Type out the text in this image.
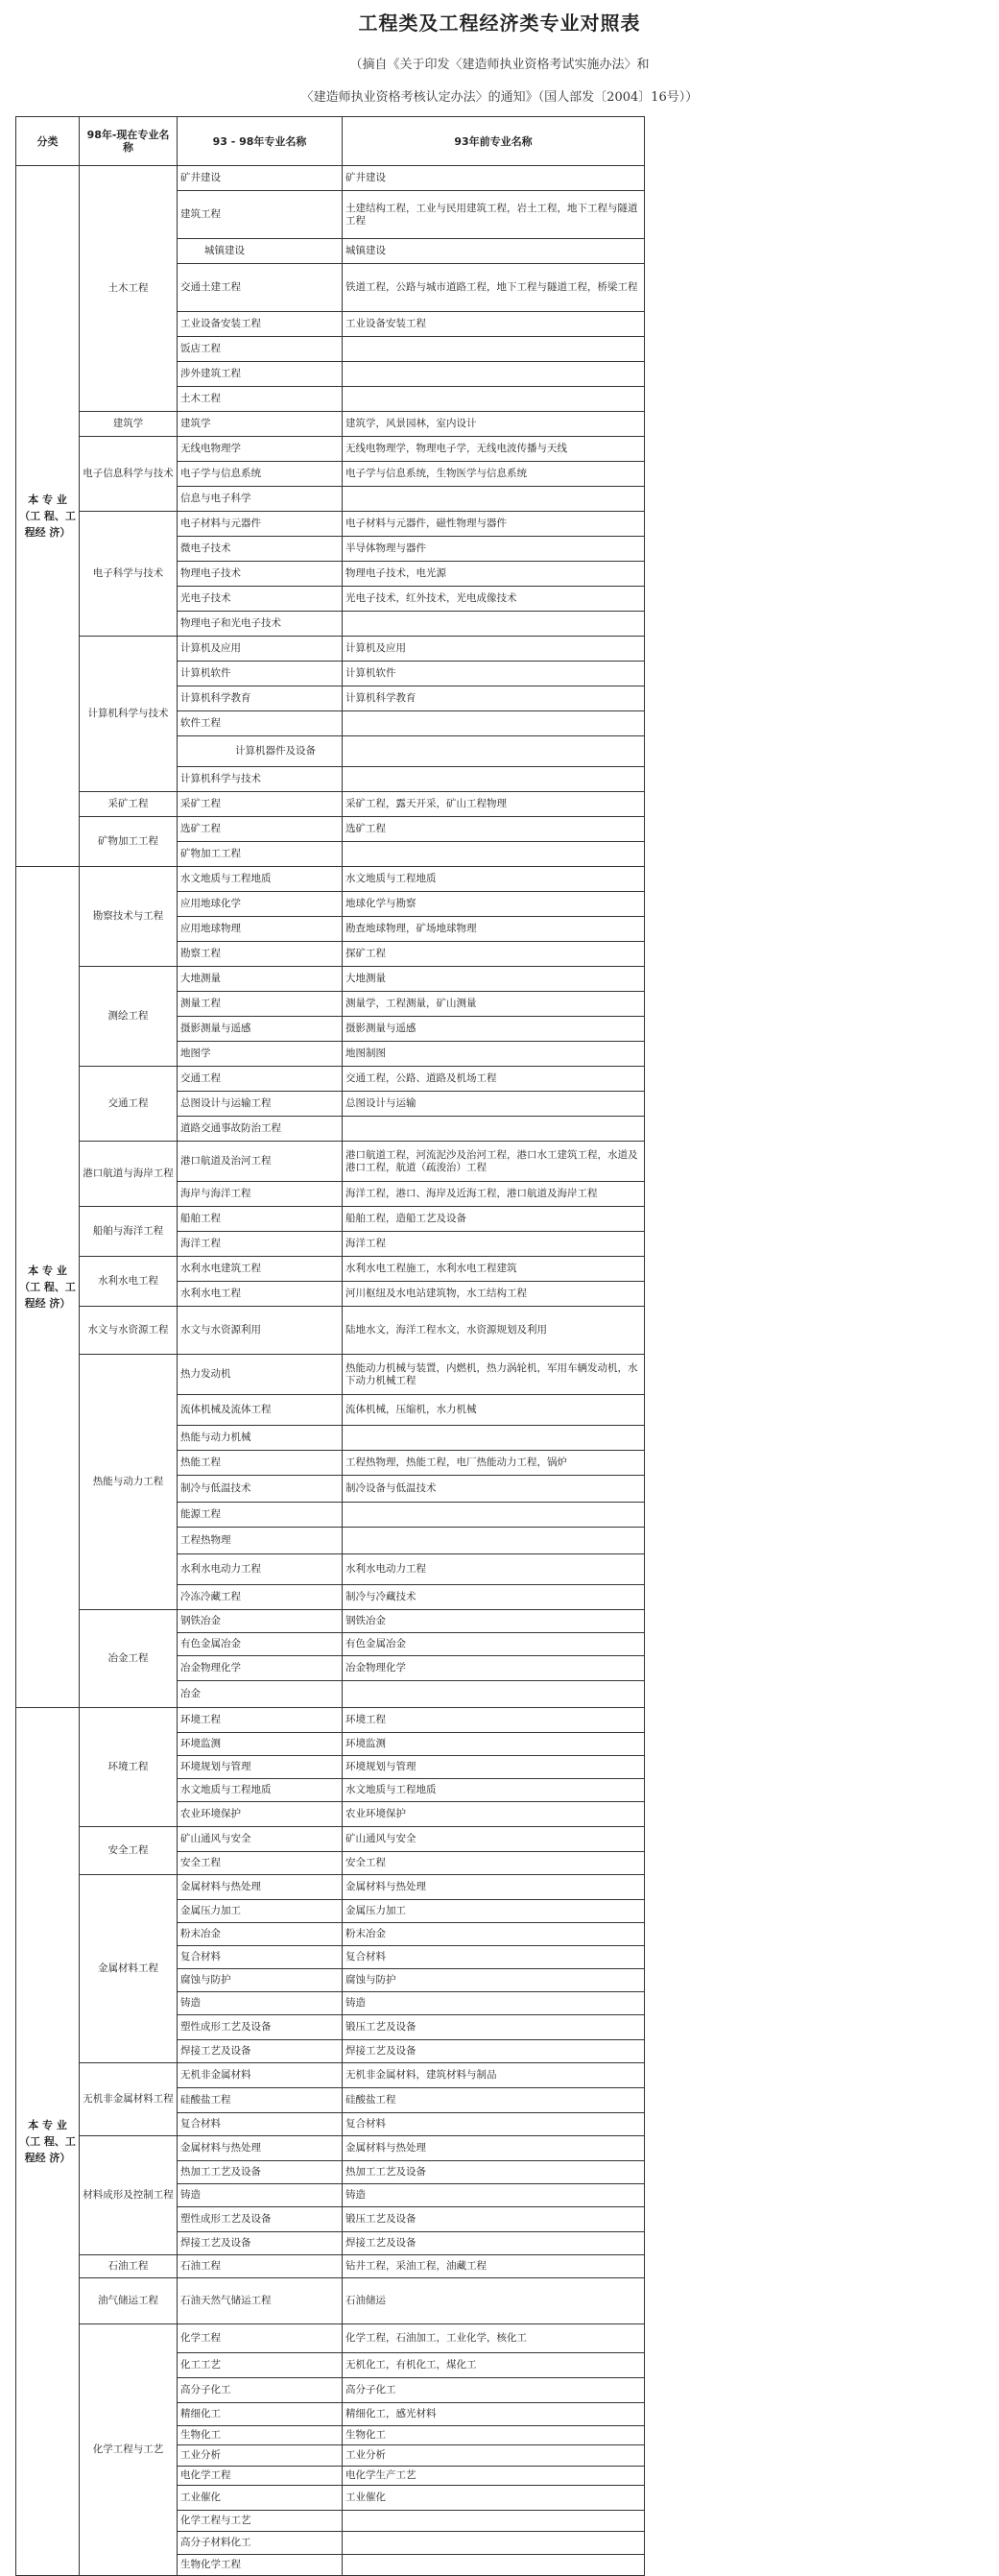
工程类及工程经济类专业对照表
（摘自《关于印发〈建造师执业资格考试实施办法〉和
〈建造师执业资格考核认定办法〉的通知》（国人部发〔2004〕16号））
分类	98年-现在专业名称	93 - 98年专业名称	93年前专业名称
本 专 业（工 程、工 程经 济）	土木工程	矿井建设	矿井建设
		建筑工程	土建结构工程，工业与民用建筑工程，岩土工程，地下工程与隧道工程
		城镇建设	城镇建设
		交通土建工程	铁道工程，公路与城市道路工程，地下工程与隧道工程，桥梁工程
		工业设备安装工程	工业设备安装工程
		饭店工程	
		涉外建筑工程	
		土木工程	
	建筑学	建筑学	建筑学，风景园林，室内设计
	电子信息科学与技术	无线电物理学	无线电物理学，物理电子学，无线电波传播与天线
		电子学与信息系统	电子学与信息系统，生物医学与信息系统
		信息与电子科学	
	电子科学与技术	电子材料与元器件	电子材料与元器件，磁性物理与器件
		微电子技术	半导体物理与器件
		物理电子技术	物理电子技术，电光源
		光电子技术	光电子技术，红外技术，光电成像技术
		物理电子和光电子技术	
	计算机科学与技术	计算机及应用	计算机及应用
		计算机软件	计算机软件
		计算机科学教育	计算机科学教育
		软件工程	
		计算机器件及设备	
		计算机科学与技术	
	采矿工程	采矿工程	采矿工程，露天开采，矿山工程物理
	矿物加工工程	选矿工程	选矿工程
		矿物加工工程	
本 专 业（工 程、工 程经 济）	勘察技术与工程	水文地质与工程地质	水文地质与工程地质
		应用地球化学	地球化学与勘察
		应用地球物理	勘查地球物理，矿场地球物理
		勘察工程	探矿工程
	测绘工程	大地测量	大地测量
		测量工程	测量学，工程测量，矿山测量
		摄影测量与遥感	摄影测量与遥感
		地图学	地图制图
	交通工程	交通工程	交通工程，公路、道路及机场工程
		总图设计与运输工程	总图设计与运输
		道路交通事故防治工程	
	港口航道与海岸工程	港口航道及治河工程	港口航道工程，河流泥沙及治河工程，港口水工建筑工程，水道及港口工程，航道（疏浚治）工程
		海岸与海洋工程	海洋工程，港口、海岸及近海工程，港口航道及海岸工程
	船舶与海洋工程	船舶工程	船舶工程，造船工艺及设备
		海洋工程	海洋工程
	水利水电工程	水利水电建筑工程	水利水电工程施工，水利水电工程建筑
		水利水电工程	河川枢纽及水电站建筑物，水工结构工程
	水文与水资源工程	水文与水资源利用	陆地水文，海洋工程水文，水资源规划及利用
	热能与动力工程	热力发动机	热能动力机械与装置，内燃机，热力涡轮机，军用车辆发动机，水下动力机械工程
		流体机械及流体工程	流体机械，压缩机，水力机械
		热能与动力机械	
		热能工程	工程热物理，热能工程，电厂热能动力工程，锅炉
		制冷与低温技术	制冷设备与低温技术
		能源工程	
		工程热物理	
		水利水电动力工程	水利水电动力工程
		冷冻冷藏工程	制冷与冷藏技术
	冶金工程	钢铁冶金	钢铁冶金
		有色金属冶金	有色金属冶金
		冶金物理化学	冶金物理化学
		冶金	
本 专 业（工 程、工 程经 济）	环境工程	环境工程	环境工程
		环境监测	环境监测
		环境规划与管理	环境规划与管理
		水文地质与工程地质	水文地质与工程地质
		农业环境保护	农业环境保护
	安全工程	矿山通风与安全	矿山通风与安全
		安全工程	安全工程
	金属材料工程	金属材料与热处理	金属材料与热处理
		金属压力加工	金属压力加工
		粉末冶金	粉末冶金
		复合材料	复合材料
		腐蚀与防护	腐蚀与防护
		铸造	铸造
		塑性成形工艺及设备	锻压工艺及设备
		焊接工艺及设备	焊接工艺及设备
	无机非金属材料工程	无机非金属材料	无机非金属材料，建筑材料与制品
		硅酸盐工程	硅酸盐工程
		复合材料	复合材料
	材料成形及控制工程	金属材料与热处理	金属材料与热处理
		热加工工艺及设备	热加工工艺及设备
		铸造	铸造
		塑性成形工艺及设备	锻压工艺及设备
		焊接工艺及设备	焊接工艺及设备
	石油工程	石油工程	钻井工程，采油工程，油藏工程
	油气储运工程	石油天然气储运工程	石油储运
	化学工程与工艺	化学工程	化学工程，石油加工，工业化学，核化工
		化工工艺	无机化工，有机化工，煤化工
		高分子化工	高分子化工
		精细化工	精细化工，感光材料
		生物化工	生物化工
		工业分析	工业分析
		电化学工程	电化学生产工艺
		工业催化	工业催化
		化学工程与工艺	
		高分子材料化工	
		生物化学工程	
